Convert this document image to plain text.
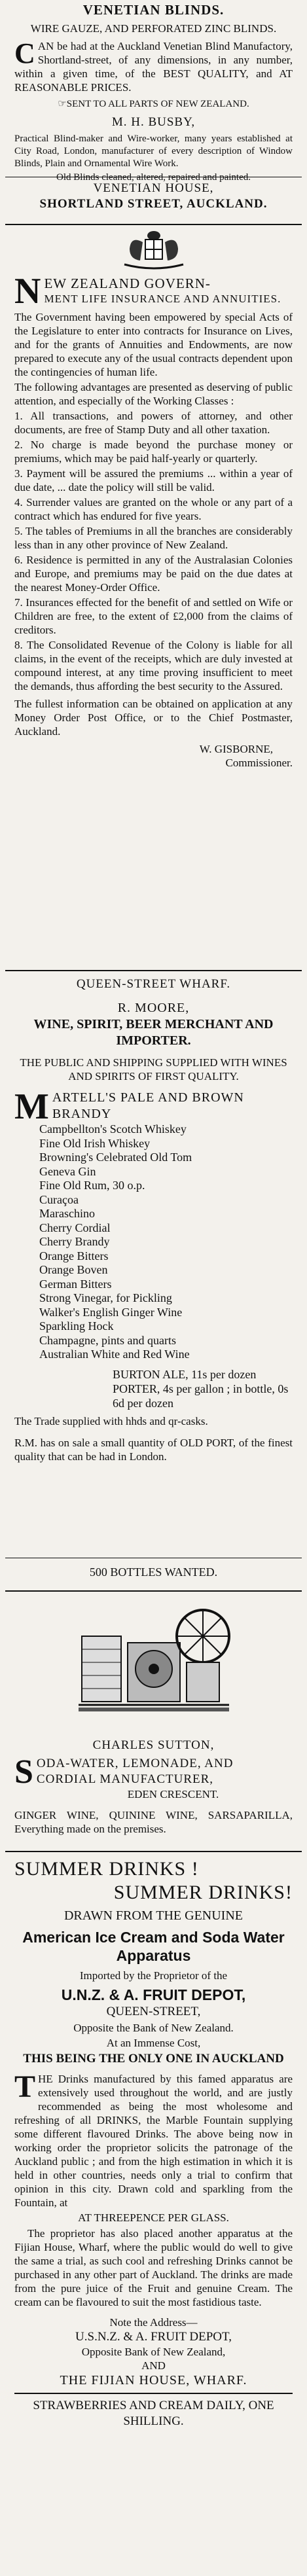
VENETIAN BLINDS.

WIRE GAUZE, AND PERFORATED ZINC BLINDS.

C AN be had at the Auckland Venetian Blind Manufactory, Shortland-street, of any dimensions, in any number, within a given time, of the BEST QUALITY, and AT REASONABLE PRICES.

☞SENT TO ALL PARTS OF NEW ZEALAND.

M. H. BUSBY,

Practical Blind-maker and Wire-worker, many years established at City Road, London, manufacturer of every description of Window Blinds, Plain and Ornamental Wire Work.

Old Blinds cleaned, altered, repaired and painted.

VENETIAN HOUSE,

SHORTLAND STREET, AUCKLAND.

N EW ZEALAND GOVERN-

MENT LIFE INSURANCE AND ANNUITIES.

The Government having been empowered by special Acts of the Legislature to enter into contracts for Insurance on Lives, and for the grants of Annuities and Endowments, are now prepared to execute any of the usual contracts dependent upon the contingencies of human life.

The following advantages are presented as deserving of public attention, and especially of the Working Classes :

1. All transactions, and powers of attorney, and other documents, are free of Stamp Duty and all other taxation.

2. No charge is made beyond the purchase money or premiums, which may be paid half-yearly or quarterly.

3. Payment will be assured the premiums ... within a year of due date, ... date the policy will still be valid.

4. Surrender values are granted on the whole or any part of a contract which has endured for five years.

5. The tables of Premiums in all the branches are considerably less than in any other province of New Zealand.

6. Residence is permitted in any of the Australasian Colonies and Europe, and premiums may be paid on the due dates at the nearest Money-Order Office.

7. Insurances effected for the benefit of and settled on Wife or Children are free, to the extent of £2,000 from the claims of creditors.

8. The Consolidated Revenue of the Colony is liable for all claims, in the event of the receipts, which are duly invested at compound interest, at any time proving insufficient to meet the demands, thus affording the best security to the Assured.

The fullest information can be obtained on application at any Money Order Post Office, or to the Chief Postmaster, Auckland.

W. GISBORNE,

Commissioner.

QUEEN-STREET WHARF.

R. MOORE,

WINE, SPIRIT, BEER MERCHANT AND IMPORTER.

THE PUBLIC AND SHIPPING SUPPLIED WITH WINES AND SPIRITS OF FIRST QUALITY.

M ARTELL'S PALE AND BROWN BRANDY

Campbellton's Scotch Whiskey

Fine Old Irish Whiskey

Browning's Celebrated Old Tom

Geneva Gin

Fine Old Rum, 30 o.p.

Curaçoa

Maraschino

Cherry Cordial

Cherry Brandy

Orange Bitters

Orange Boven

German Bitters

Strong Vinegar, for Pickling

Walker's English Ginger Wine

Sparkling Hock

Champagne, pints and quarts

Australian White and Red Wine

BURTON ALE, 11s per dozen

PORTER, 4s per gallon ; in bottle, 0s 6d per dozen

The Trade supplied with hhds and qr-casks.

R.M. has on sale a small quantity of OLD PORT, of the finest quality that can be had in London.

500 BOTTLES WANTED.

CHARLES SUTTON,

S ODA-WATER, LEMONADE, AND CORDIAL MANUFACTURER,

EDEN CRESCENT.

GINGER WINE, QUININE WINE, SARSAPARILLA, Everything made on the premises.

SUMMER DRINKS !

SUMMER DRINKS!

DRAWN FROM THE GENUINE

American Ice Cream and Soda Water Apparatus

Imported by the Proprietor of the

U.N.Z. & A. FRUIT DEPOT,

QUEEN-STREET,

Opposite the Bank of New Zealand.

At an Immense Cost,

THIS BEING THE ONLY ONE IN AUCKLAND

T HE Drinks manufactured by this famed apparatus are extensively used throughout the world, and are justly recommended as being the most wholesome and refreshing of all DRINKS, the Marble Fountain supplying some different flavoured Drinks. The above being now in working order the proprietor solicits the patronage of the Auckland public ; and from the high estimation in which it is held in other countries, needs only a trial to confirm that opinion in this city. Drawn cold and sparkling from the Fountain, at

AT THREEPENCE PER GLASS.

The proprietor has also placed another apparatus at the Fijian House, Wharf, where the public would do well to give the same a trial, as such cool and refreshing Drinks cannot be purchased in any other part of Auckland. The drinks are made from the pure juice of the Fruit and genuine Cream. The cream can be flavoured to suit the most fastidious taste.

Note the Address—

U.S.N.Z. & A. FRUIT DEPOT,

Opposite Bank of New Zealand,

AND

THE FIJIAN HOUSE, WHARF.

STRAWBERRIES AND CREAM DAILY, ONE SHILLING.
